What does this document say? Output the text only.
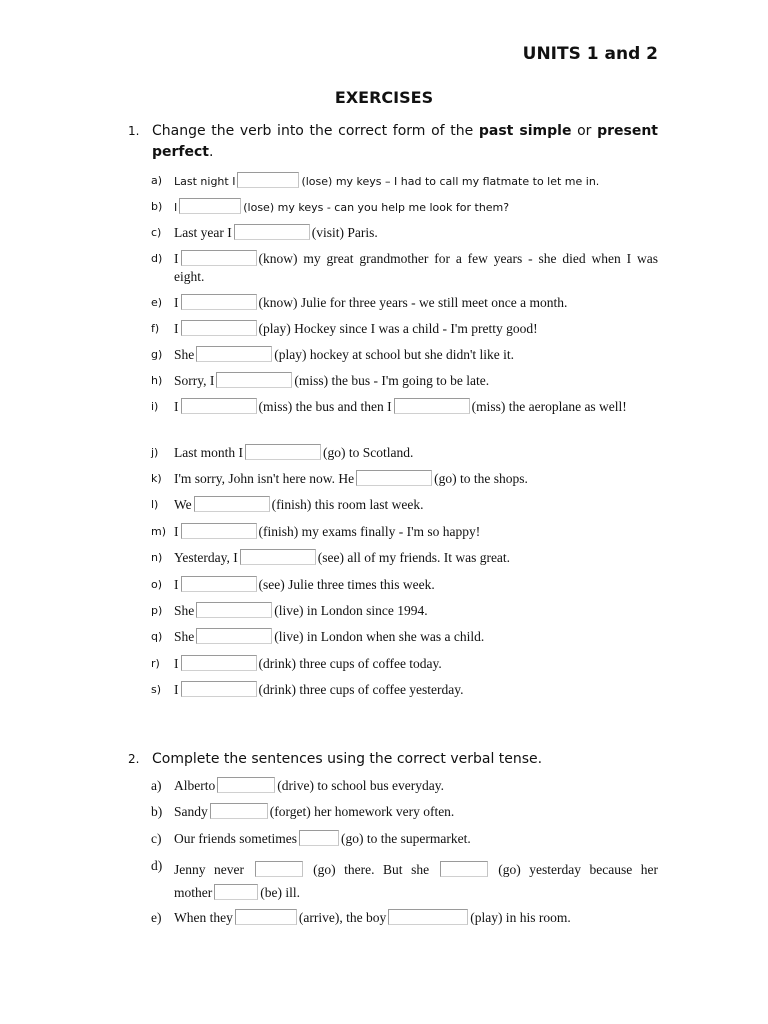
UNITS 1 and 2
EXERCISES
1. Change the verb into the correct form of the past simple or present perfect.
a) Last night I	(lose) my keys – I had to call my flatmate to let me in.
b) I	(lose) my keys - can you help me look for them?
c) Last year I	(visit) Paris.
d) I	(know) my great grandmother for a few years - she died when I was eight.
e) I	(know) Julie for three years - we still meet once a month.
f) I	(play) Hockey since I was a child - I'm pretty good!
g) She	(play) hockey at school but she didn't like it.
h) Sorry, I	(miss) the bus - I'm going to be late.
i) I	(miss) the bus and then I	(miss) the aeroplane as well!
j) Last month I	(go) to Scotland.
k) I'm sorry, John isn't here now. He	(go) to the shops.
l) We	(finish) this room last week.
m) I	(finish) my exams finally - I'm so happy!
n) Yesterday, I	(see) all of my friends. It was great.
o) I	(see) Julie three times this week.
p) She	(live) in London since 1994.
q) She	(live) in London when she was a child.
r) I	(drink) three cups of coffee today.
s) I	(drink) three cups of coffee yesterday.
2. Complete the sentences using the correct verbal tense.
a) Alberto	(drive) to school bus everyday.
b) Sandy	(forget) her homework very often.
c) Our friends sometimes	(go) to the supermarket.
d) Jenny never	(go) there. But she	(go) yesterday because her
mother	(be) ill.
e) When they	(arrive), the boy	(play) in his room.
